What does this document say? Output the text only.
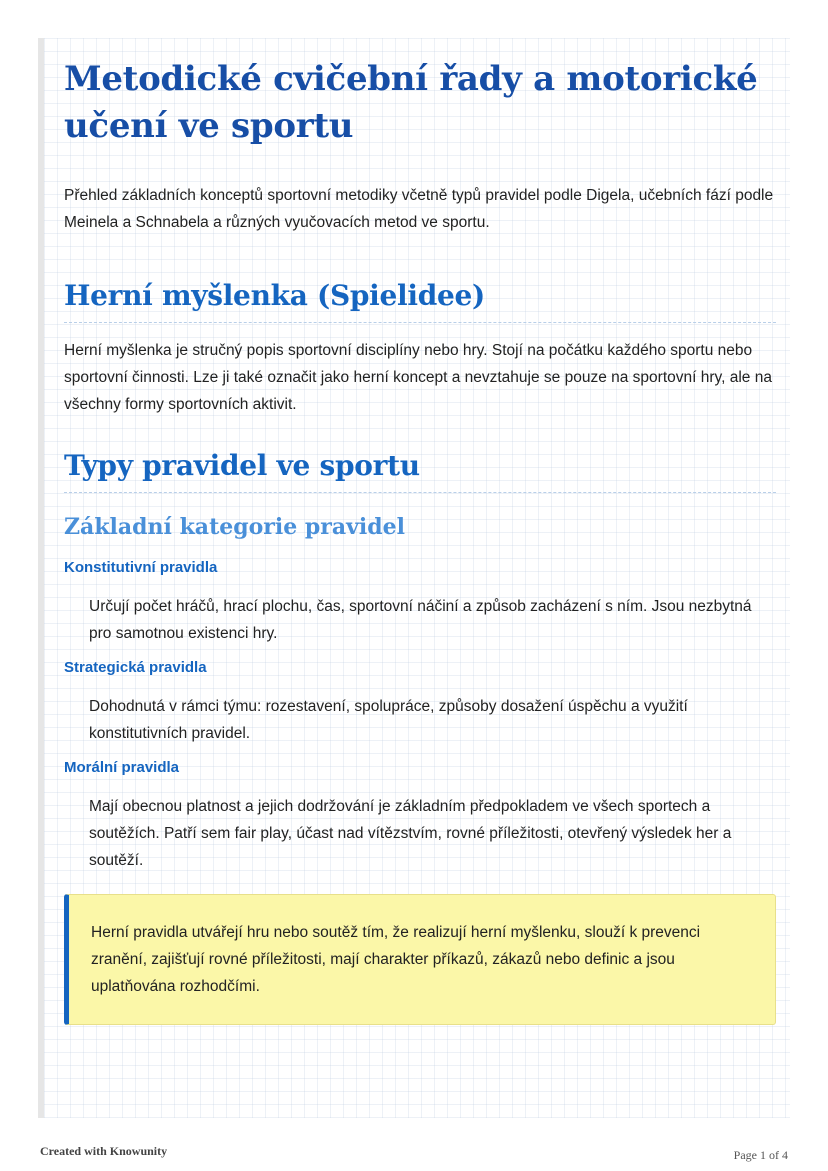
Metodické cvičební řady a motorické učení ve sportu

Přehled základních konceptů sportovní metodiky včetně typů pravidel podle Digela, učebních fází podle Meinela a Schnabela a různých vyučovacích metod ve sportu.

Herní myšlenka (Spielidee)

Herní myšlenka je stručný popis sportovní disciplíny nebo hry. Stojí na počátku každého sportu nebo sportovní činnosti. Lze ji také označit jako herní koncept a nevztahuje se pouze na sportovní hry, ale na všechny formy sportovních aktivit.

Typy pravidel ve sportu
Základní kategorie pravidel
Konstitutivní pravidla

Určují počet hráčů, hrací plochu, čas, sportovní náčiní a způsob zacházení s ním. Jsou nezbytná pro samotnou existenci hry.

Strategická pravidla

Dohodnutá v rámci týmu: rozestavení, spolupráce, způsoby dosažení úspěchu a využití konstitutivních pravidel.

Morální pravidla

Mají obecnou platnost a jejich dodržování je základním předpokladem ve všech sportech a soutěžích. Patří sem fair play, účast nad vítězstvím, rovné příležitosti, otevřený výsledek her a soutěží.

Herní pravidla utvářejí hru nebo soutěž tím, že realizují herní myšlenku, slouží k prevenci zranění, zajišťují rovné příležitosti, mají charakter příkazů, zákazů nebo definic a jsou uplatňována rozhodčími.
Created with Knowunity	Page 1 of 4
